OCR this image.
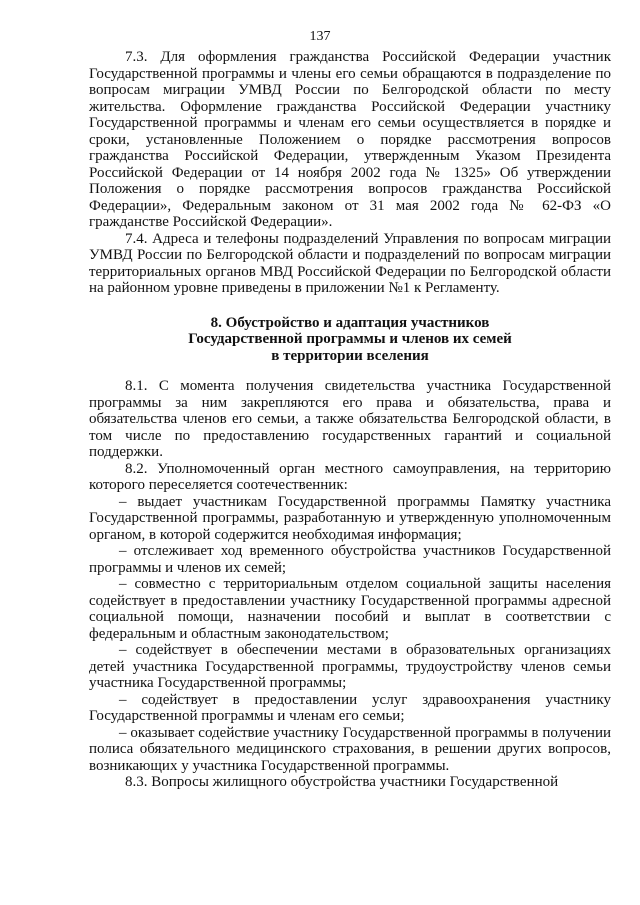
137

7.3. Для оформления гражданства Российской Федерации участник Государственной программы и члены его семьи обращаются в подразделение по вопросам миграции УМВД России по Белгородской области по месту жительства. Оформление гражданства Российской Федерации участнику Государственной программы и членам его семьи осуществляется в порядке и сроки, установленные Положением о порядке рассмотрения вопросов гражданства Российской Федерации, утвержденным Указом Президента Российской Федерации от 14 ноября 2002 года № 1325» Об утверждении Положения о порядке рассмотрения вопросов гражданства Российской Федерации», Федеральным законом от 31 мая 2002 года № 62-ФЗ «О гражданстве Российской Федерации».

7.4. Адреса и телефоны подразделений Управления по вопросам миграции УМВД России по Белгородской области и подразделений по вопросам миграции территориальных органов МВД Российской Федерации по Белгородской области на районном уровне приведены в приложении №1 к Регламенту.

8. Обустройство и адаптация участников
Государственной программы и членов их семей
в территории вселения

8.1. С момента получения свидетельства участника Государственной программы за ним закрепляются его права и обязательства, права и обязательства членов его семьи, а также обязательства Белгородской области, в том числе по предоставлению государственных гарантий и социальной поддержки.

8.2. Уполномоченный орган местного самоуправления, на территорию которого переселяется соотечественник:

– выдает участникам Государственной программы Памятку участника Государственной программы, разработанную и утвержденную уполномоченным органом, в которой содержится необходимая информация;

– отслеживает ход временного обустройства участников Государственной программы и членов их семей;

– совместно с территориальным отделом социальной защиты населения содействует в предоставлении участнику Государственной программы адресной социальной помощи, назначении пособий и выплат в соответствии с федеральным и областным законодательством;

– содействует в обеспечении местами в образовательных организациях детей участника Государственной программы, трудоустройству членов семьи участника Государственной программы;

– содействует в предоставлении услуг здравоохранения участнику Государственной программы и членам его семьи;

– оказывает содействие участнику Государственной программы в получении полиса обязательного медицинского страхования, в решении других вопросов, возникающих у участника Государственной программы.

8.3. Вопросы жилищного обустройства участники Государственной
